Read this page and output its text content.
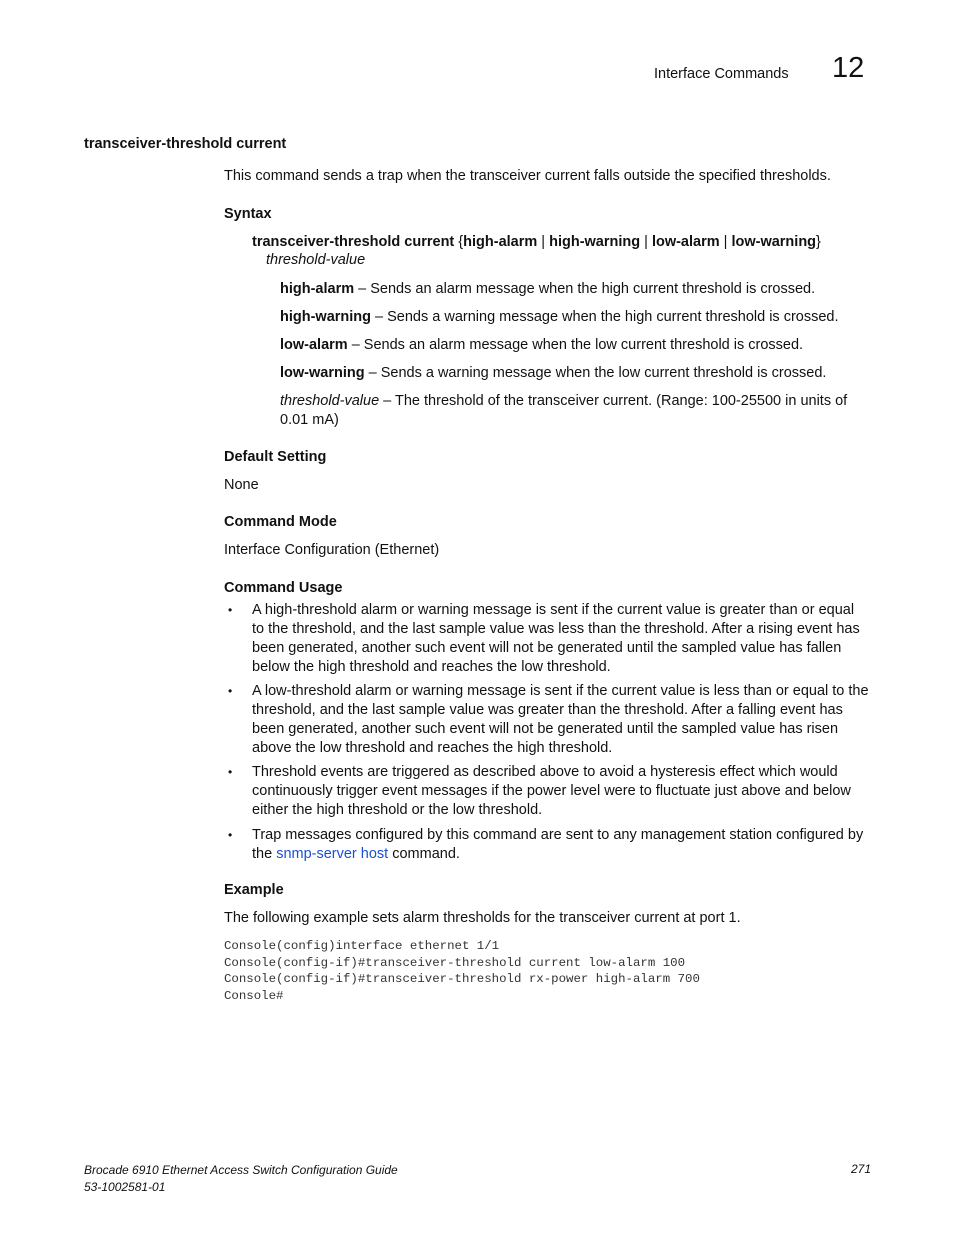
Interface Commands 12
transceiver-threshold current
This command sends a trap when the transceiver current falls outside the specified thresholds.
Syntax
transceiver-threshold current {high-alarm | high-warning | low-alarm | low-warning}
threshold-value
high-alarm – Sends an alarm message when the high current threshold is crossed.
high-warning – Sends a warning message when the high current threshold is crossed.
low-alarm – Sends an alarm message when the low current threshold is crossed.
low-warning – Sends a warning message when the low current threshold is crossed.
threshold-value – The threshold of the transceiver current. (Range: 100-25500 in units of 0.01 mA)
Default Setting
None
Command Mode
Interface Configuration (Ethernet)
Command Usage
• A high-threshold alarm or warning message is sent if the current value is greater than or equal to the threshold, and the last sample value was less than the threshold. After a rising event has been generated, another such event will not be generated until the sampled value has fallen below the high threshold and reaches the low threshold.
• A low-threshold alarm or warning message is sent if the current value is less than or equal to the threshold, and the last sample value was greater than the threshold. After a falling event has been generated, another such event will not be generated until the sampled value has risen above the low threshold and reaches the high threshold.
• Threshold events are triggered as described above to avoid a hysteresis effect which would continuously trigger event messages if the power level were to fluctuate just above and below either the high threshold or the low threshold.
• Trap messages configured by this command are sent to any management station configured by the snmp-server host command.
Example
The following example sets alarm thresholds for the transceiver current at port 1.
Console(config)interface ethernet 1/1
Console(config-if)#transceiver-threshold current low-alarm 100
Console(config-if)#transceiver-threshold rx-power high-alarm 700
Console#
Brocade 6910 Ethernet Access Switch Configuration Guide
53-1002581-01
271
